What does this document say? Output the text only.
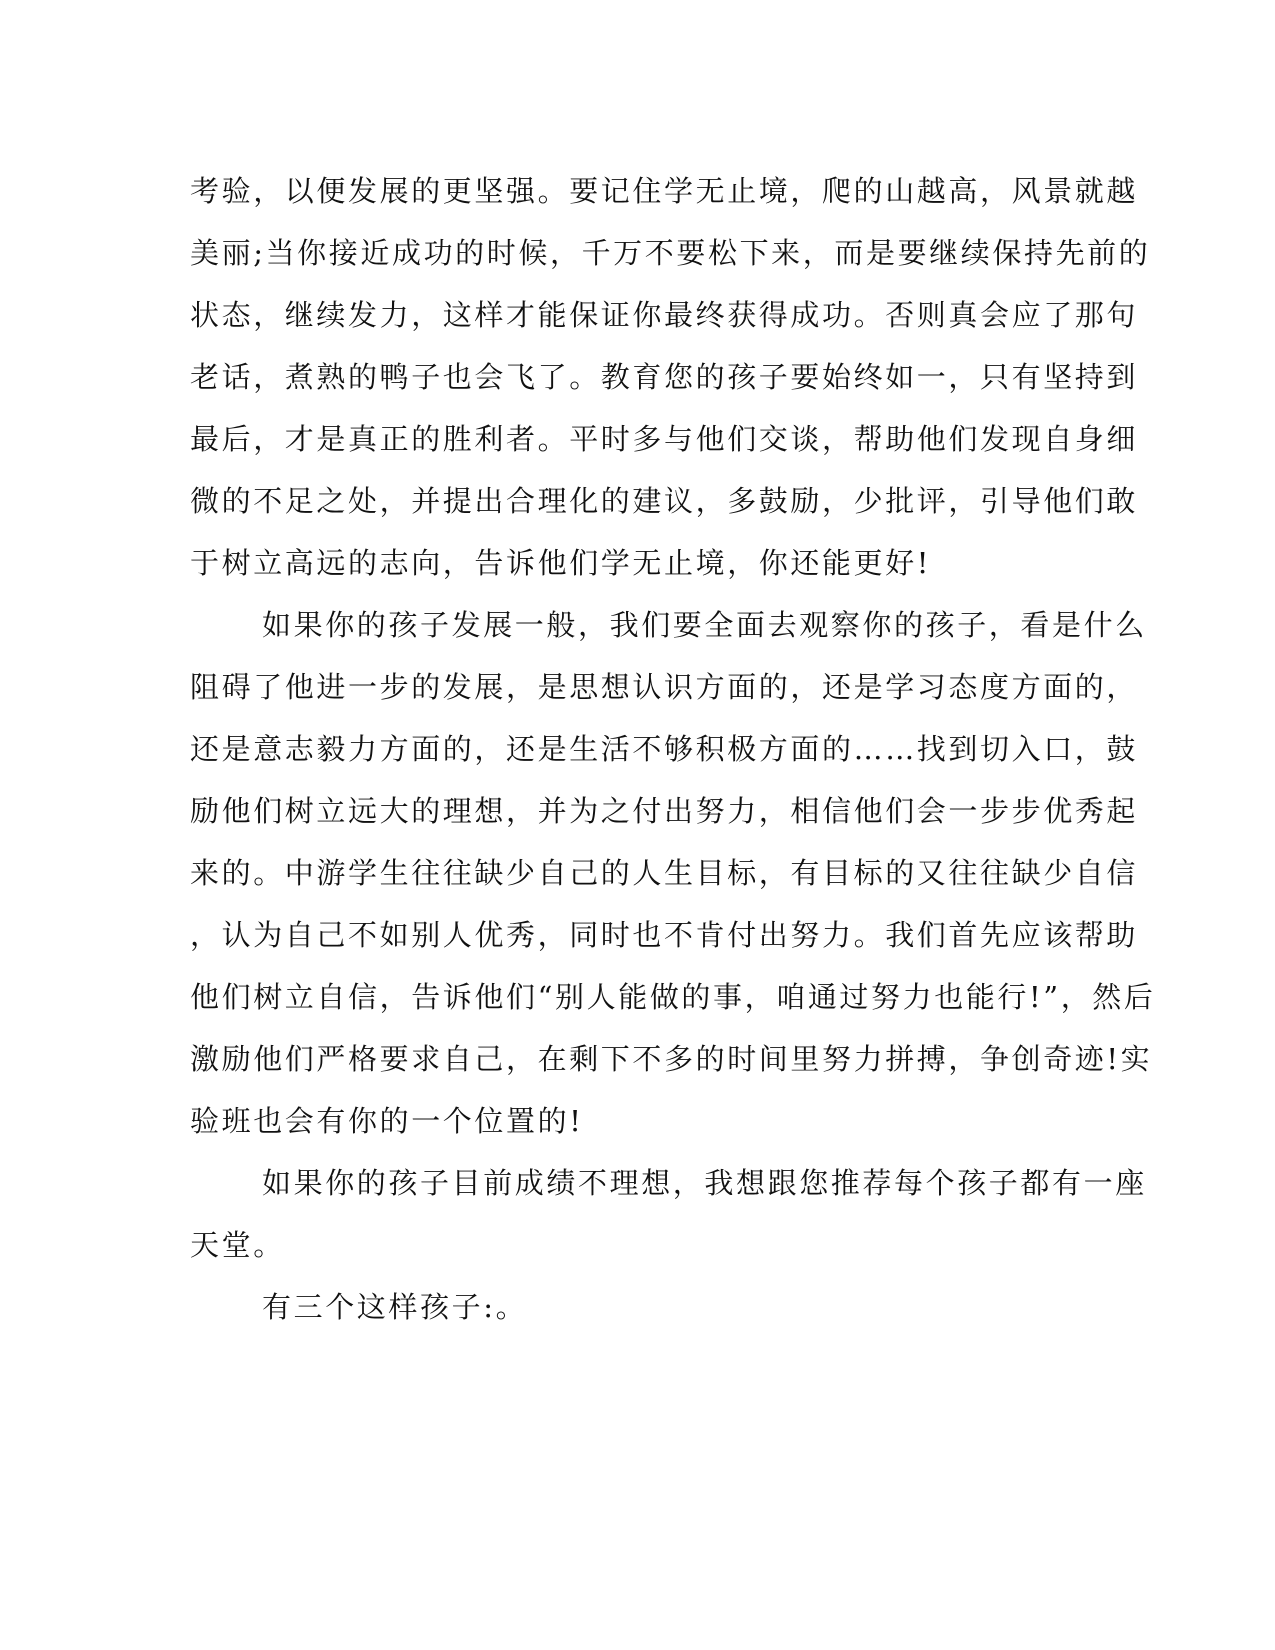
考验，以便发展的更坚强。要记住学无止境，爬的山越高，风景就越
美丽;当你接近成功的时候，千万不要松下来，而是要继续保持先前的
状态，继续发力，这样才能保证你最终获得成功。否则真会应了那句
老话，煮熟的鸭子也会飞了。教育您的孩子要始终如一，只有坚持到
最后，才是真正的胜利者。平时多与他们交谈，帮助他们发现自身细
微的不足之处，并提出合理化的建议，多鼓励，少批评，引导他们敢
于树立高远的志向，告诉他们学无止境，你还能更好!
如果你的孩子发展一般，我们要全面去观察你的孩子，看是什么
阻碍了他进一步的发展，是思想认识方面的，还是学习态度方面的，
还是意志毅力方面的，还是生活不够积极方面的……找到切入口，鼓
励他们树立远大的理想，并为之付出努力，相信他们会一步步优秀起
来的。中游学生往往缺少自己的人生目标，有目标的又往往缺少自信
，认为自己不如别人优秀，同时也不肯付出努力。我们首先应该帮助
他们树立自信，告诉他们“别人能做的事，咱通过努力也能行!”，然后
激励他们严格要求自己，在剩下不多的时间里努力拼搏，争创奇迹!实
验班也会有你的一个位置的!
如果你的孩子目前成绩不理想，我想跟您推荐每个孩子都有一座
天堂。
有三个这样孩子:。
